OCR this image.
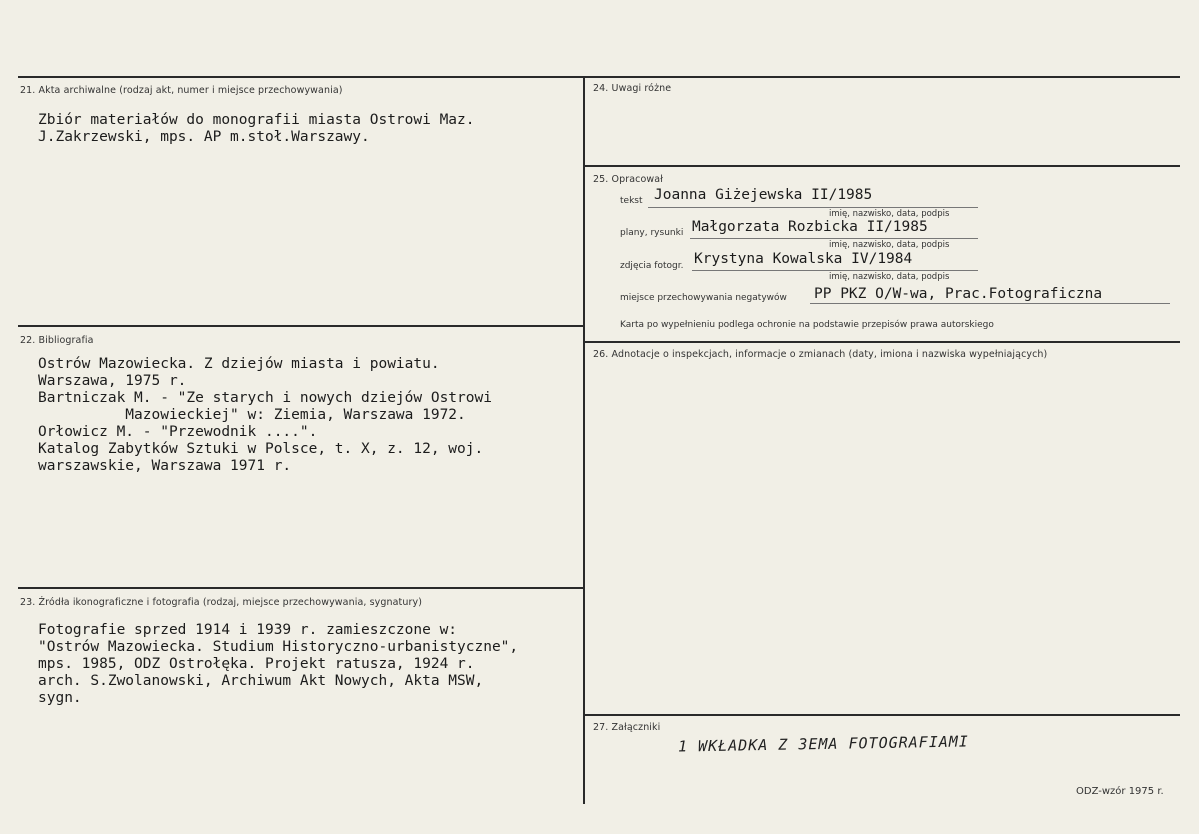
21. Akta archiwalne (rodzaj akt, numer i miejsce przechowywania)
Zbiór materiałów do monografii miasta Ostrowi Maz.
J.Zakrzewski, mps. AP m.stoł.Warszawy.
22. Bibliografia
Ostrów Mazowiecka. Z dziejów miasta i powiatu.
Warszawa, 1975 r.
Bartniczak M. - "Ze starych i nowych dziejów Ostrowi
Mazowieckiej" w: Ziemia, Warszawa 1972.
Orłowicz M. - "Przewodnik ....".
Katalog Zabytków Sztuki w Polsce, t. X, z. 12, woj.
warszawskie, Warszawa 1971 r.
23. Źródła ikonograficzne i fotografia (rodzaj, miejsce przechowywania, sygnatury)
Fotografie sprzed 1914 i 1939 r. zamieszczone w:
"Ostrów Mazowiecka. Studium Historyczno-urbanistyczne",
mps. 1985, ODZ Ostrołęka. Projekt ratusza, 1924 r.
arch. S.Zwolanowski, Archiwum Akt Nowych, Akta MSW,
sygn.
24. Uwagi różne
25. Opracował
tekst Joanna Giżejewska II/1985
imię, nazwisko, data, podpis
plany, rysunki Małgorzata Rozbicka II/1985
imię, nazwisko, data, podpis
zdjęcia fotogr. Krystyna Kowalska IV/1984
imię, nazwisko, data, podpis
miejsce przechowywania negatywów PP PKZ O/W-wa, Prac.Fotograficzna
Karta po wypełnieniu podlega ochronie na podstawie przepisów prawa autorskiego
26. Adnotacje o inspekcjach, informacje o zmianach (daty, imiona i nazwiska wypełniających)
27. Załączniki
1 WKŁADKA Z 3EMA FOTOGRAFIAMI
ODZ-wzór 1975 r.
